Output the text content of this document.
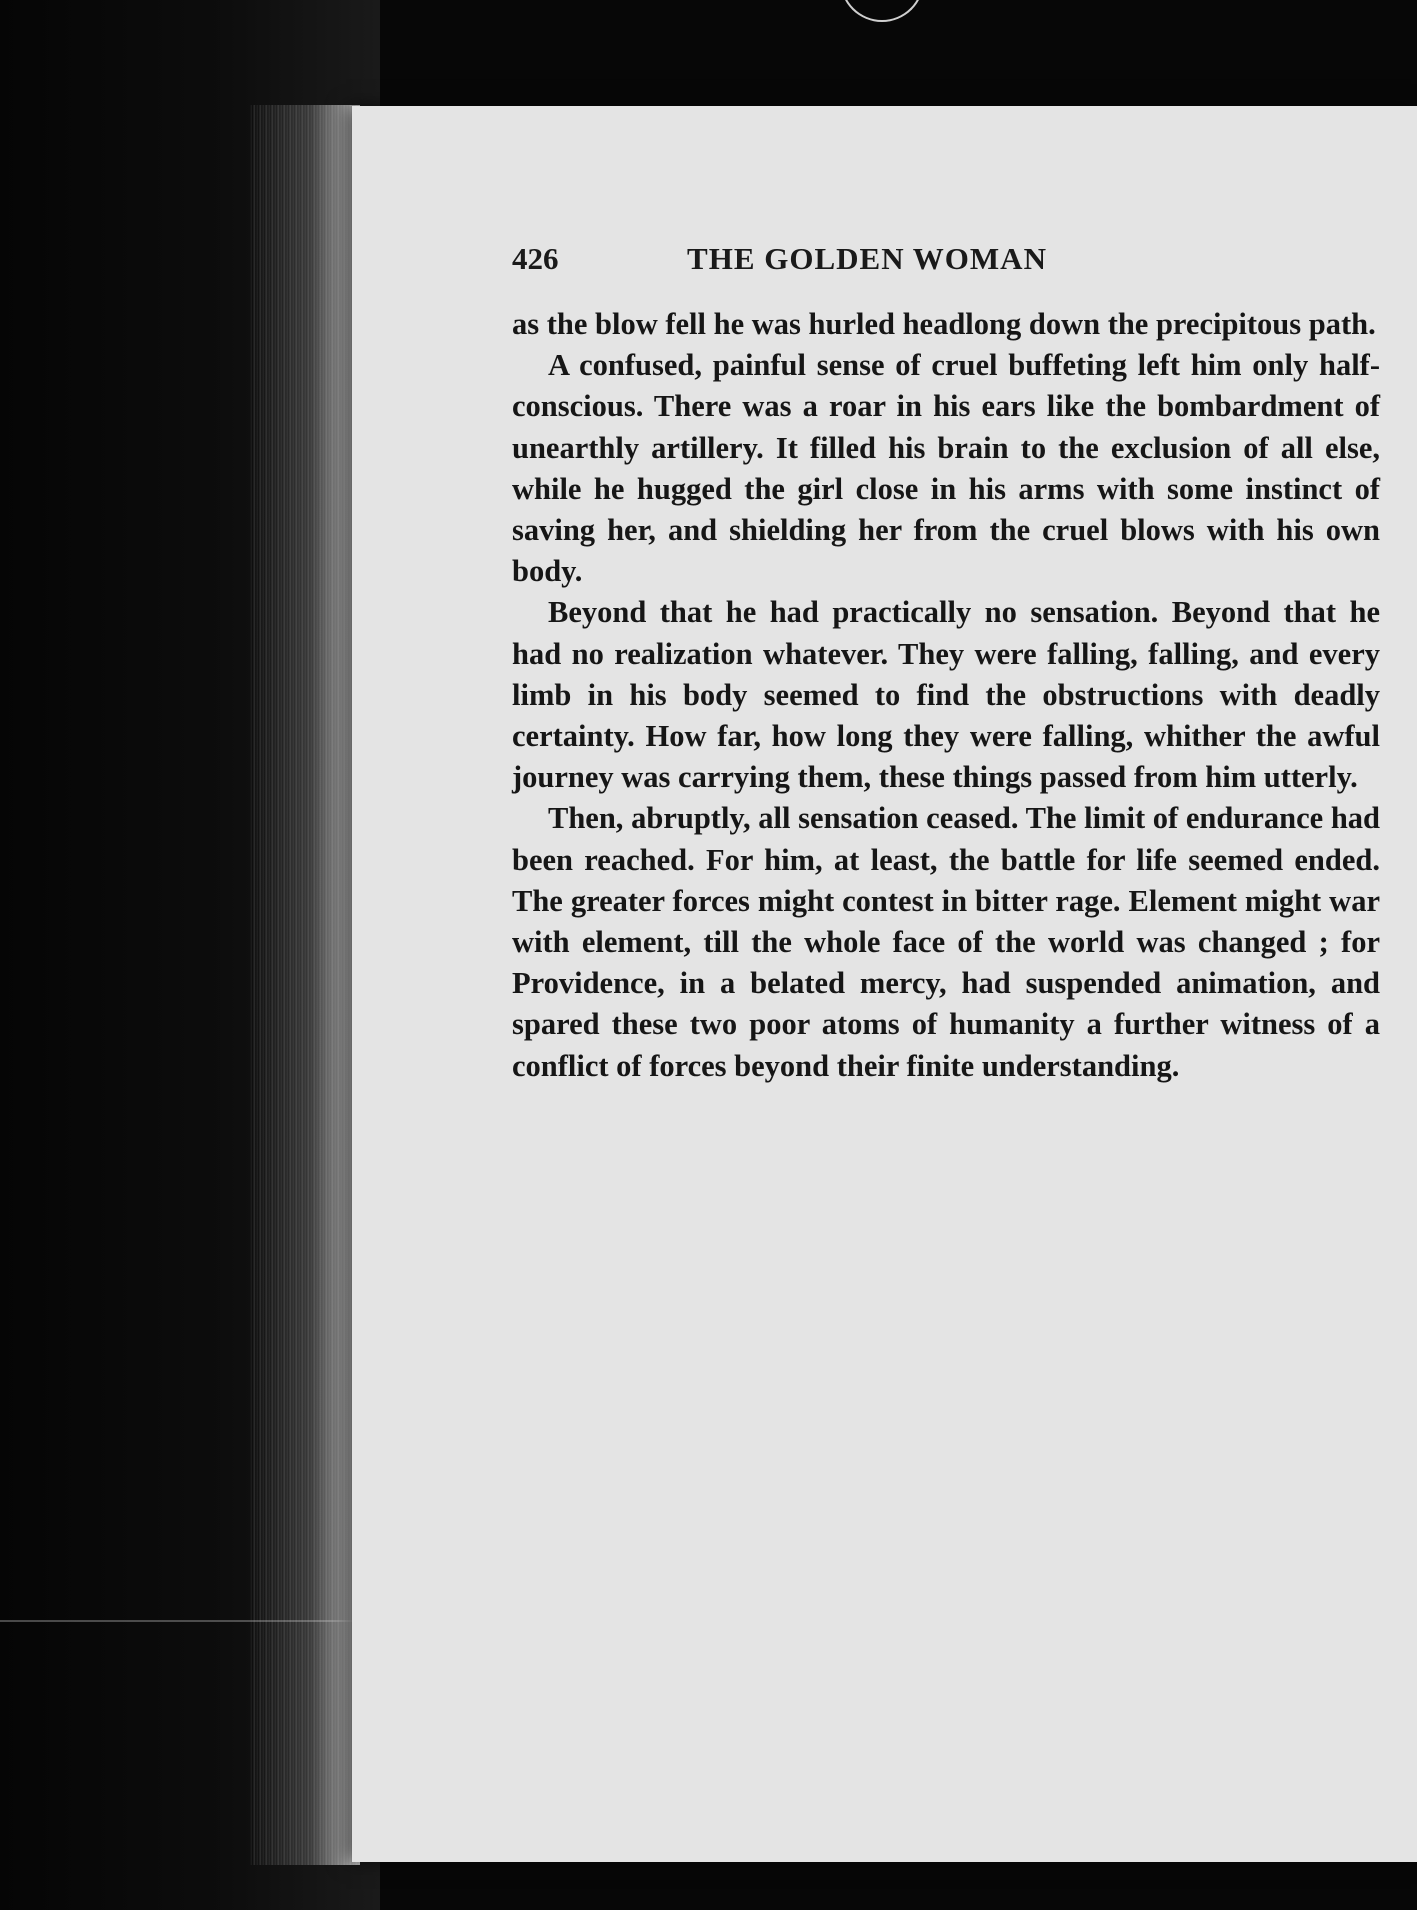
426	THE GOLDEN WOMAN

as the blow fell he was hurled headlong down the precipitous path.

A confused, painful sense of cruel buffeting left him only half-conscious. There was a roar in his ears like the bombardment of unearthly artillery. It filled his brain to the exclusion of all else, while he hugged the girl close in his arms with some instinct of saving her, and shielding her from the cruel blows with his own body.

Beyond that he had practically no sensation. Beyond that he had no realization whatever. They were falling, falling, and every limb in his body seemed to find the obstructions with deadly certainty. How far, how long they were falling, whither the awful journey was carrying them, these things passed from him utterly.

Then, abruptly, all sensation ceased. The limit of endurance had been reached. For him, at least, the battle for life seemed ended. The greater forces might contest in bitter rage. Element might war with element, till the whole face of the world was changed ; for Providence, in a belated mercy, had suspended animation, and spared these two poor atoms of humanity a further witness of a conflict of forces beyond their finite understanding.
